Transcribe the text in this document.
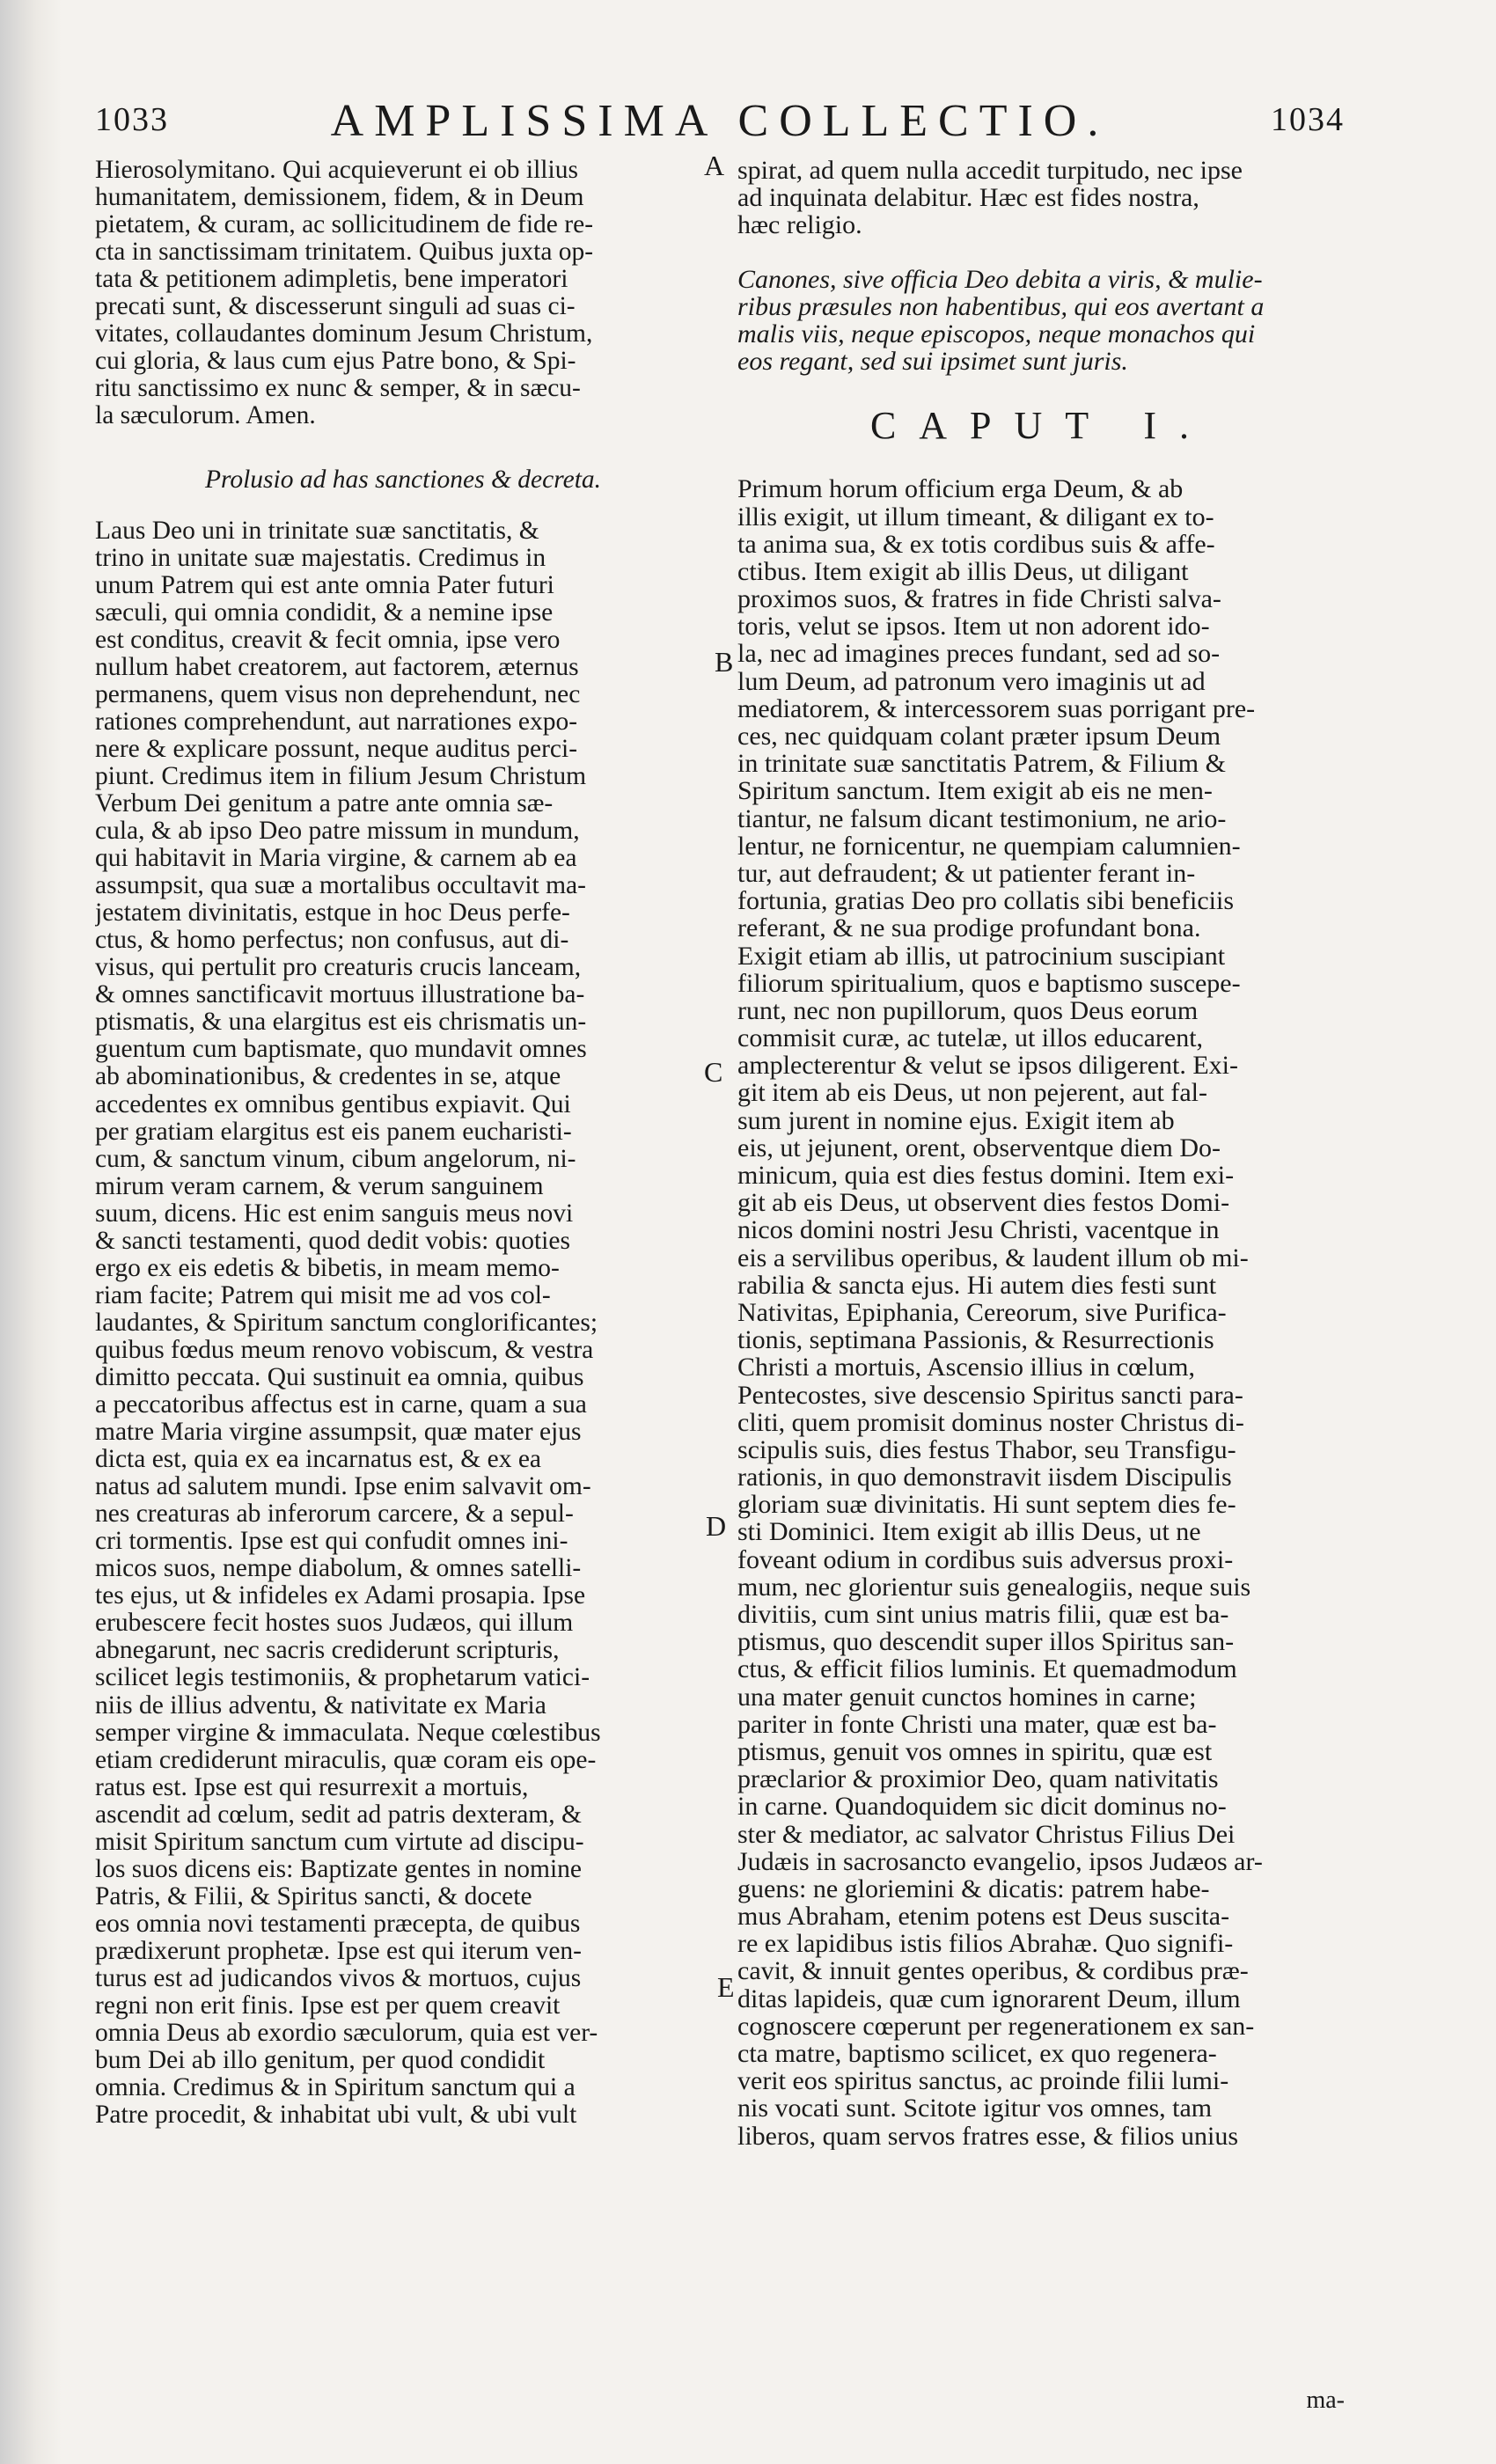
1033	AMPLISSIMA COLLECTIO.	1034
Hierosolymitano. Qui acquieverunt ei ob illius
humanitatem, demissionem, fidem, & in Deum
pietatem, & curam, ac sollicitudinem de fide re-
cta in sanctissimam trinitatem. Quibus juxta op-
tata & petitionem adimpletis, bene imperatori
precati sunt, & discesserunt singuli ad suas ci-
vitates, collaudantes dominum Jesum Christum,
cui gloria, & laus cum ejus Patre bono, & Spi-
ritu sanctissimo ex nunc & semper, & in sæcu-
la sæculorum. Amen.
Prolusio ad has sanctiones & decreta.
Laus Deo uni in trinitate suæ sanctitatis, &
trino in unitate suæ majestatis. Credimus in
unum Patrem qui est ante omnia Pater futuri
sæculi, qui omnia condidit, & a nemine ipse
est conditus, creavit & fecit omnia, ipse vero
nullum habet creatorem, aut factorem, æternus
permanens, quem visus non deprehendunt, nec
rationes comprehendunt, aut narrationes expo-
nere & explicare possunt, neque auditus perci-
piunt. Credimus item in filium Jesum Christum
Verbum Dei genitum a patre ante omnia sæ-
cula, & ab ipso Deo patre missum in mundum,
qui habitavit in Maria virgine, & carnem ab ea
assumpsit, qua suæ a mortalibus occultavit ma-
jestatem divinitatis, estque in hoc Deus perfe-
ctus, & homo perfectus; non confusus, aut di-
visus, qui pertulit pro creaturis crucis lanceam,
& omnes sanctificavit mortuus illustratione ba-
ptismatis, & una elargitus est eis chrismatis un-
guentum cum baptismate, quo mundavit omnes
ab abominationibus, & credentes in se, atque
accedentes ex omnibus gentibus expiavit. Qui
per gratiam elargitus est eis panem eucharisti-
cum, & sanctum vinum, cibum angelorum, ni-
mirum veram carnem, & verum sanguinem
suum, dicens. Hic est enim sanguis meus novi
& sancti testamenti, quod dedit vobis: quoties
ergo ex eis edetis & bibetis, in meam memo-
riam facite; Patrem qui misit me ad vos col-
laudantes, & Spiritum sanctum conglorificantes;
quibus fœdus meum renovo vobiscum, & vestra
dimitto peccata. Qui sustinuit ea omnia, quibus
a peccatoribus affectus est in carne, quam a sua
matre Maria virgine assumpsit, quæ mater ejus
dicta est, quia ex ea incarnatus est, & ex ea
natus ad salutem mundi. Ipse enim salvavit om-
nes creaturas ab inferorum carcere, & a sepul-
cri tormentis. Ipse est qui confudit omnes ini-
micos suos, nempe diabolum, & omnes satelli-
tes ejus, ut & infideles ex Adami prosapia. Ipse
erubescere fecit hostes suos Judæos, qui illum
abnegarunt, nec sacris crediderunt scripturis,
scilicet legis testimoniis, & prophetarum vatici-
niis de illius adventu, & nativitate ex Maria
semper virgine & immaculata. Neque cœlestibus
etiam crediderunt miraculis, quæ coram eis ope-
ratus est. Ipse est qui resurrexit a mortuis,
ascendit ad cœlum, sedit ad patris dexteram, &
misit Spiritum sanctum cum virtute ad discipu-
los suos dicens eis: Baptizate gentes in nomine
Patris, & Filii, & Spiritus sancti, & docete
eos omnia novi testamenti præcepta, de quibus
prædixerunt prophetæ. Ipse est qui iterum ven-
turus est ad judicandos vivos & mortuos, cujus
regni non erit finis. Ipse est per quem creavit
omnia Deus ab exordio sæculorum, quia est ver-
bum Dei ab illo genitum, per quod condidit
omnia. Credimus & in Spiritum sanctum qui a
Patre procedit, & inhabitat ubi vult, & ubi vult
spirat, ad quem nulla accedit turpitudo, nec ipse
ad inquinata delabitur. Hæc est fides nostra,
hæc religio.
Canones, sive officia Deo debita a viris, & mulie-
ribus præsules non habentibus, qui eos avertant a
malis viis, neque episcopos, neque monachos qui
eos regant, sed sui ipsimet sunt juris.
CAPUT I.
Primum horum officium erga Deum, & ab
illis exigit, ut illum timeant, & diligant ex to-
ta anima sua, & ex totis cordibus suis & affe-
ctibus. Item exigit ab illis Deus, ut diligant
proximos suos, & fratres in fide Christi salva-
toris, velut se ipsos. Item ut non adorent ido-
la, nec ad imagines preces fundant, sed ad so-
lum Deum, ad patronum vero imaginis ut ad
mediatorem, & intercessorem suas porrigant pre-
ces, nec quidquam colant præter ipsum Deum
in trinitate suæ sanctitatis Patrem, & Filium &
Spiritum sanctum. Item exigit ab eis ne men-
tiantur, ne falsum dicant testimonium, ne ario-
lentur, ne fornicentur, ne quempiam calumnien-
tur, aut defraudent; & ut patienter ferant in-
fortunia, gratias Deo pro collatis sibi beneficiis
referant, & ne sua prodige profundant bona.
Exigit etiam ab illis, ut patrocinium suscipiant
filiorum spiritualium, quos e baptismo suscepe-
runt, nec non pupillorum, quos Deus eorum
commisit curæ, ac tutelæ, ut illos educarent,
amplecterentur & velut se ipsos diligerent. Exi-
git item ab eis Deus, ut non pejerent, aut fal-
sum jurent in nomine ejus. Exigit item ab
eis, ut jejunent, orent, observentque diem Do-
minicum, quia est dies festus domini. Item exi-
git ab eis Deus, ut observent dies festos Domi-
nicos domini nostri Jesu Christi, vacentque in
eis a servilibus operibus, & laudent illum ob mi-
rabilia & sancta ejus. Hi autem dies festi sunt
Nativitas, Epiphania, Cereorum, sive Purifica-
tionis, septimana Passionis, & Resurrectionis
Christi a mortuis, Ascensio illius in cœlum,
Pentecostes, sive descensio Spiritus sancti para-
cliti, quem promisit dominus noster Christus di-
scipulis suis, dies festus Thabor, seu Transfigu-
rationis, in quo demonstravit iisdem Discipulis
gloriam suæ divinitatis. Hi sunt septem dies fe-
sti Dominici. Item exigit ab illis Deus, ut ne
foveant odium in cordibus suis adversus proxi-
mum, nec glorientur suis genealogiis, neque suis
divitiis, cum sint unius matris filii, quæ est ba-
ptismus, quo descendit super illos Spiritus san-
ctus, & efficit filios luminis. Et quemadmodum
una mater genuit cunctos homines in carne;
pariter in fonte Christi una mater, quæ est ba-
ptismus, genuit vos omnes in spiritu, quæ est
præclarior & proximior Deo, quam nativitatis
in carne. Quandoquidem sic dicit dominus no-
ster & mediator, ac salvator Christus Filius Dei
Judæis in sacrosancto evangelio, ipsos Judæos ar-
guens: ne gloriemini & dicatis: patrem habe-
mus Abraham, etenim potens est Deus suscita-
re ex lapidibus istis filios Abrahæ. Quo signifi-
cavit, & innuit gentes operibus, & cordibus præ-
ditas lapideis, quæ cum ignorarent Deum, illum
cognoscere cœperunt per regenerationem ex san-
cta matre, baptismo scilicet, ex quo regenera-
verit eos spiritus sanctus, ac proinde filii lumi-
nis vocati sunt. Scitote igitur vos omnes, tam
liberos, quam servos fratres esse, & filios unius
A
B
C
D
E
ma-
